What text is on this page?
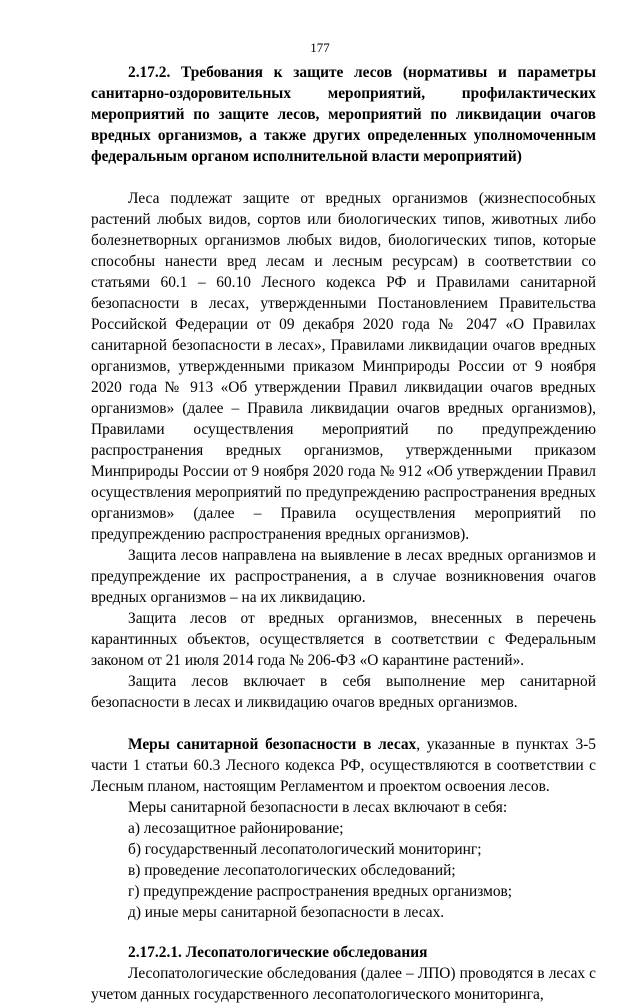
177

2.17.2. Требования к защите лесов (нормативы и параметры санитарно-оздоровительных мероприятий, профилактических мероприятий по защите лесов, мероприятий по ликвидации очагов вредных организмов, а также других определенных уполномоченным федеральным органом исполнительной власти мероприятий)

Леса подлежат защите от вредных организмов (жизнеспособных растений любых видов, сортов или биологических типов, животных либо болезнетворных организмов любых видов, биологических типов, которые способны нанести вред лесам и лесным ресурсам) в соответствии со статьями 60.1 – 60.10 Лесного кодекса РФ и Правилами санитарной безопасности в лесах, утвержденными Постановлением Правительства Российской Федерации от 09 декабря 2020 года № 2047 «О Правилах санитарной безопасности в лесах», Правилами ликвидации очагов вредных организмов, утвержденными приказом Минприроды России от 9 ноября 2020 года № 913 «Об утверждении Правил ликвидации очагов вредных организмов» (далее – Правила ликвидации очагов вредных организмов), Правилами осуществления мероприятий по предупреждению распространения вредных организмов, утвержденными приказом Минприроды России от 9 ноября 2020 года № 912 «Об утверждении Правил осуществления мероприятий по предупреждению распространения вредных организмов» (далее – Правила осуществления мероприятий по предупреждению распространения вредных организмов).

Защита лесов направлена на выявление в лесах вредных организмов и предупреждение их распространения, а в случае возникновения очагов вредных организмов – на их ликвидацию.

Защита лесов от вредных организмов, внесенных в перечень карантинных объектов, осуществляется в соответствии с Федеральным законом от 21 июля 2014 года № 206-ФЗ «О карантине растений».

Защита лесов включает в себя выполнение мер санитарной безопасности в лесах и ликвидацию очагов вредных организмов.

Меры санитарной безопасности в лесах, указанные в пунктах 3-5 части 1 статьи 60.3 Лесного кодекса РФ, осуществляются в соответствии с Лесным планом, настоящим Регламентом и проектом освоения лесов.

Меры санитарной безопасности в лесах включают в себя:

а) лесозащитное районирование;

б) государственный лесопатологический мониторинг;

в) проведение лесопатологических обследований;

г) предупреждение распространения вредных организмов;

д) иные меры санитарной безопасности в лесах.

2.17.2.1. Лесопатологические обследования

Лесопатологические обследования (далее – ЛПО) проводятся в лесах с учетом данных государственного лесопатологического мониторинга,
